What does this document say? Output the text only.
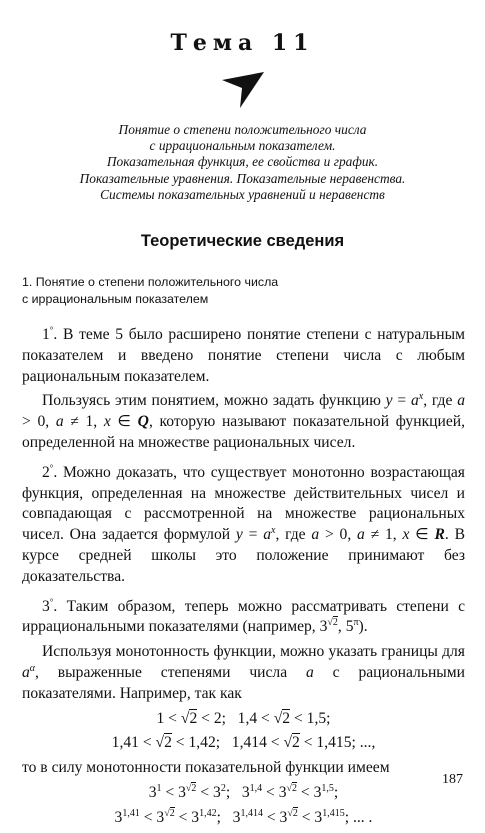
Тема 11
Понятие о степени положительного числа
с иррациональным показателем.
Показательная функция, ее свойства и график.
Показательные уравнения. Показательные неравенства.
Системы показательных уравнений и неравенств
Теоретические сведения
1. Понятие о степени положительного числа
с иррациональным показателем

1°. В теме 5 было расширено понятие степени с натуральным показателем и введено понятие степени числа с любым рациональным показателем.

Пользуясь этим понятием, можно задать функцию $y = a^x$, где a > 0, a ≠ 1, x ∈ Q, которую называют показательной функцией, определенной на множестве рациональных чисел.

2°. Можно доказать, что существует монотонно возрастающая функция, определенная на множестве действительных чисел и совпадающая с рассмотренной на множестве рациональных чисел. Она задается формулой $y = a^x$, где a > 0, a ≠ 1, x ∈ R. В курсе средней школы это положение принимают без доказательства.

3°. Таким образом, теперь можно рассматривать степени с иррациональными показателями (например, $3^{√2}$, $5^\pi$).

Используя монотонность функции, можно указать границы для $a^\alpha$, выраженные степенями числа a с рациональными показателями. Например, так как

1 < √2 < 2;   1,4 < √2 < 1,5;
1,41 < √2 < 1,42;   1,414 < √2 < 1,415; ...,

то в силу монотонности показательной функции имеем

$3^1 < 3^{√2} < 3^2$;   $3^{1,4} < 3^{√2} < 3^{1,5}$;
$3^{1,41} < 3^{√2} < 3^{1,42}$;   $3^{1,414} < 3^{√2} < 3^{1,415}$; ... .
187
